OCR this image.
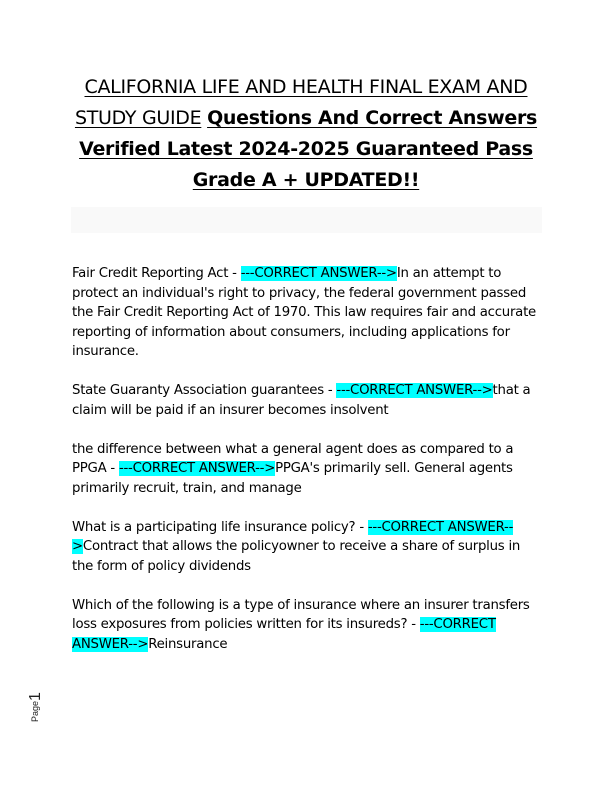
CALIFORNIA LIFE AND HEALTH FINAL EXAM AND STUDY GUIDE Questions And Correct Answers Verified Latest 2024-2025 Guaranteed Pass Grade A + UPDATED!!

Fair Credit Reporting Act - ---CORRECT ANSWER-->In an attempt to protect an individual's right to privacy, the federal government passed the Fair Credit Reporting Act of 1970. This law requires fair and accurate reporting of information about consumers, including applications for insurance.

State Guaranty Association guarantees - ---CORRECT ANSWER-->that a claim will be paid if an insurer becomes insolvent

the difference between what a general agent does as compared to a PPGA - ---CORRECT ANSWER-->PPGA's primarily sell. General agents primarily recruit, train, and manage

What is a participating life insurance policy? - ---CORRECT ANSWER-->Contract that allows the policyowner to receive a share of surplus in the form of policy dividends

Which of the following is a type of insurance where an insurer transfers loss exposures from policies written for its insureds? - ---CORRECT ANSWER-->Reinsurance

Page1
